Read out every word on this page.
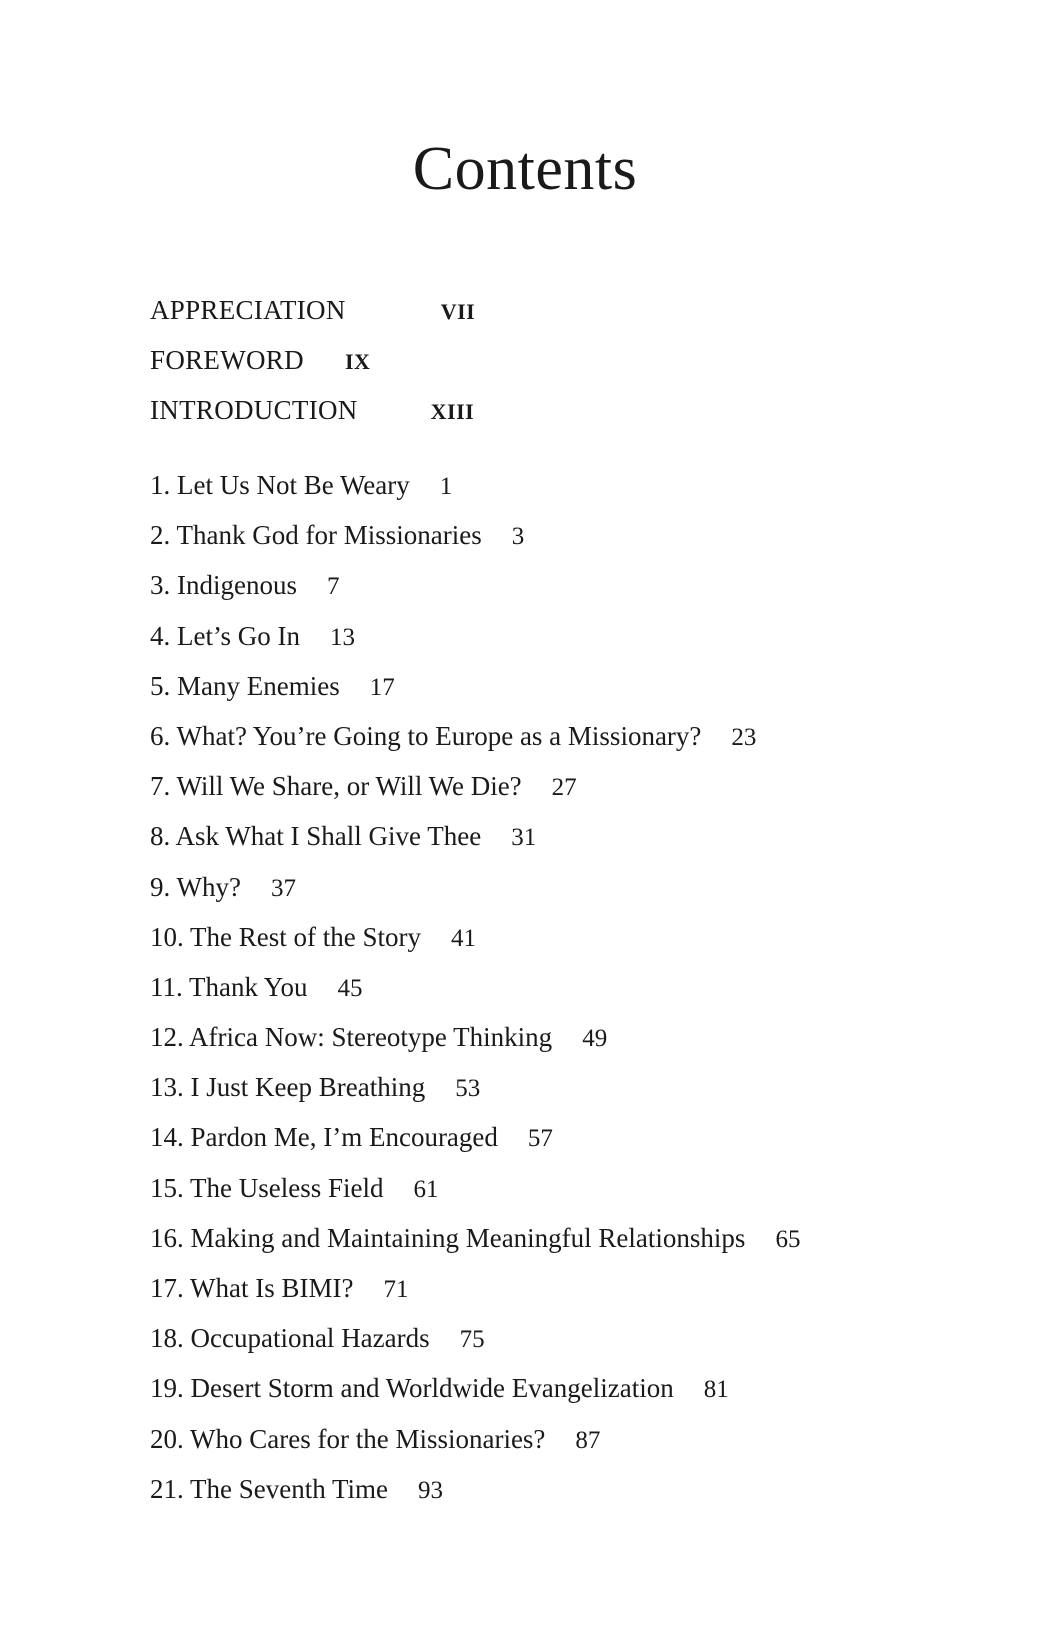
Contents
APPRECIATION	VII
FOREWORD IX
INTRODUCTION	XIII
1. Let Us Not Be Weary 1
2. Thank God for Missionaries 3
3. Indigenous 7
4. Let’s Go In 13
5. Many Enemies 17
6. What? You’re Going to Europe as a Missionary? 23
7. Will We Share, or Will We Die? 27
8. Ask What I Shall Give Thee 31
9. Why? 37
10. The Rest of the Story 41
11. Thank You 45
12. Africa Now: Stereotype Thinking 49
13. I Just Keep Breathing 53
14. Pardon Me, I’m Encouraged 57
15. The Useless Field 61
16. Making and Maintaining Meaningful Relationships 65
17. What Is BIMI? 71
18. Occupational Hazards 75
19. Desert Storm and Worldwide Evangelization 81
20. Who Cares for the Missionaries? 87
21. The Seventh Time 93
